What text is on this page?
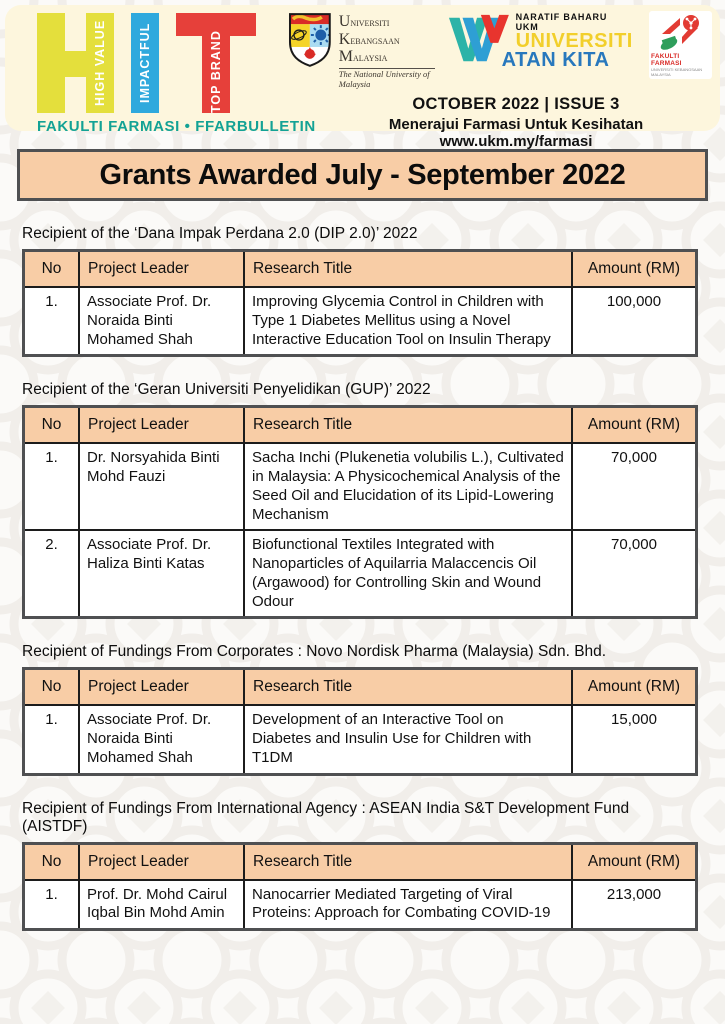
HIGH VALUE	IMPACTFUL	TOP BRAND
FAKULTI FARMASI • FFARBULLETIN
Universiti
Kebangsaan
Malaysia
The National University of Malaysia
NARATIF BAHARU UKM
UNIVERSITI
ATAN KITA	FAKULTI FARMASI
UNIVERSITI KEBANGSAAN MALAYSIA
OCTOBER 2022 | ISSUE 3
Menerajui Farmasi Untuk Kesihatan
www.ukm.my/farmasi
Grants Awarded July - September 2022
Recipient of the ‘Dana Impak Perdana 2.0 (DIP 2.0)’ 2022
No	Project Leader	Research Title	Amount (RM)
1.	Associate Prof. Dr. Noraida Binti Mohamed Shah	Improving Glycemia Control in Children with Type 1 Diabetes Mellitus using a Novel Interactive Education Tool on Insulin Therapy	100,000
Recipient of the ‘Geran Universiti Penyelidikan (GUP)’ 2022
No	Project Leader	Research Title	Amount (RM)
1.	Dr. Norsyahida Binti Mohd Fauzi	Sacha Inchi (Plukenetia volubilis L.), Cultivated in Malaysia: A Physicochemical Analysis of the Seed Oil and Elucidation of its Lipid-Lowering Mechanism	70,000
2.	Associate Prof. Dr. Haliza Binti Katas	Biofunctional Textiles Integrated with Nanoparticles of Aquilarria Malaccencis Oil (Argawood) for Controlling Skin and Wound Odour	70,000
Recipient of Fundings From Corporates : Novo Nordisk Pharma (Malaysia) Sdn. Bhd.
No	Project Leader	Research Title	Amount (RM)
1.	Associate Prof. Dr. Noraida Binti Mohamed Shah	Development of an Interactive Tool on Diabetes and Insulin Use for Children with T1DM	15,000
Recipient of Fundings From International Agency : ASEAN India S&T Development Fund (AISTDF)
No	Project Leader	Research Title	Amount (RM)
1.	Prof. Dr. Mohd Cairul Iqbal Bin Mohd Amin	Nanocarrier Mediated Targeting of Viral Proteins: Approach for Combating COVID-19	213,000
